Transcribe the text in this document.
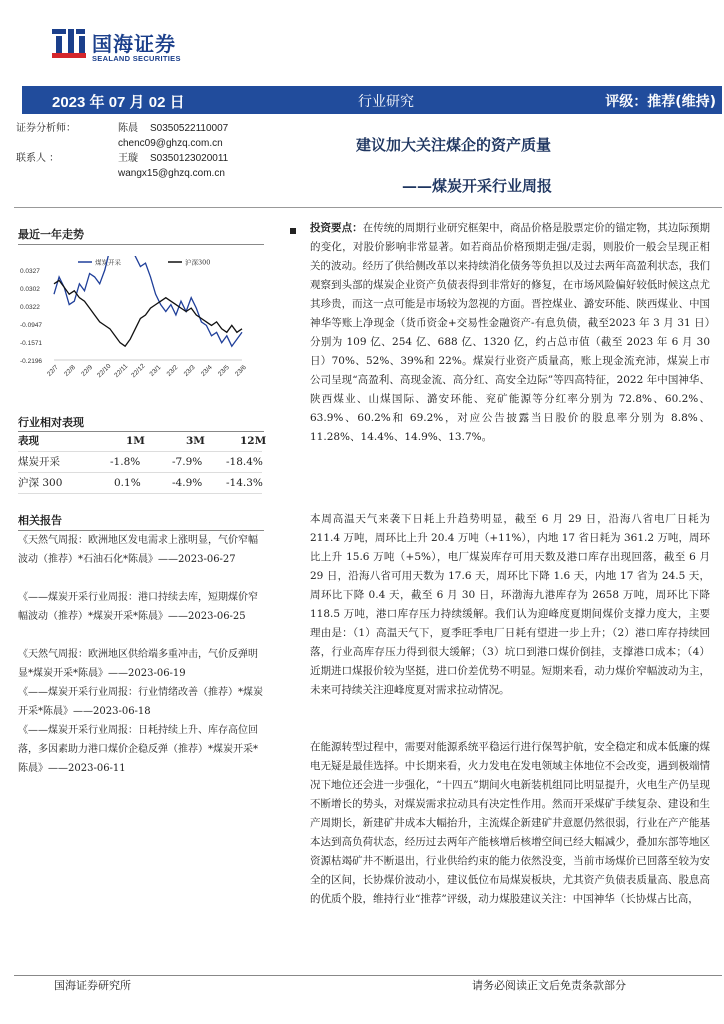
国海证券
SEALAND SECURITIES
2023 年 07 月 02 日	行业研究	评级：推荐(维持)
证券分析师：	陈晨 S0350522110007
chenc09@ghzq.com.cn
联系人 ：	王璇 S0350123020011
wangx15@ghzq.com.cn
建议加大关注煤企的资产质量
——煤炭开采行业周报
最近一年走势
煤炭开采	沪深300
0.0327
0.0302
0.0322
-0.0947
-0.1571
-0.2196
22/7 22/8 22/9 22/10 22/11 22/12 23/1 23/2 23/3 23/4 23/5 23/6
行业相对表现
表现	1M	3M	12M
煤炭开采	-1.8%	-7.9% -18.4%
沪深 300	0.1%	-4.9% -14.3%
相关报告
《天然气周报：欧洲地区发电需求上涨明显，气价窄幅波动（推荐）*石油石化*陈晨》——2023-06-27
《——煤炭开采行业周报：港口持续去库，短期煤价窄幅波动（推荐）*煤炭开采*陈晨》——2023-06-25
《天然气周报：欧洲地区供给端多重冲击，气价反弹明显*煤炭开采*陈晨》——2023-06-19
《——煤炭开采行业周报：行业情绪改善（推荐）*煤炭开采*陈晨》——2023-06-18
《——煤炭开采行业周报：日耗持续上升、库存高位回落，多因素助力港口煤价企稳反弹（推荐）*煤炭开采*陈晨》——2023-06-11
投资要点：在传统的周期行业研究框架中，商品价格是股票定价的锚定物，其边际预期的变化，对股价影响非常显著。如若商品价格预期走强/走弱，则股价一般会呈现正相关的波动。经历了供给侧改革以来持续消化债务等负担以及过去两年高盈利状态，我们观察到头部的煤炭企业资产负债表得到非常好的修复，在市场风险偏好较低时候这点尤其珍贵，而这一点可能是市场较为忽视的方面。晋控煤业、潞安环能、陕西煤业、中国神华等账上净现金（货币资金+交易性金融资产-有息负债，截至2023 年 3 月 31 日）分别为 109 亿、254 亿、688 亿、1320 亿，约占总市值（截至 2023 年 6 月 30 日）70%、52%、39%和 22%。煤炭行业资产质量高，账上现金流充沛，煤炭上市公司呈现“高盈利、高现金流、高分红、高安全边际”等四高特征，2022 年中国神华、陕西煤业、山煤国际、潞安环能、兖矿能源等分红率分别为 72.8%、60.2%、63.9%、60.2%和 69.2%，对应公告披露当日股价的股息率分别为 8.8%、11.28%、14.4%、14.9%、13.7%。
本周高温天气来袭下日耗上升趋势明显，截至 6 月 29 日，沿海八省电厂日耗为 211.4 万吨，周环比上升 20.4 万吨（+11%），内地 17 省日耗为 361.2 万吨，周环比上升 15.6 万吨（+5%），电厂煤炭库存可用天数及港口库存出现回落，截至 6 月 29 日，沿海八省可用天数为 17.6 天，周环比下降 1.6 天，内地 17 省为 24.5 天，周环比下降 0.4 天，截至 6 月 30 日，环渤海九港库存为 2658 万吨，周环比下降 118.5 万吨，港口库存压力持续缓解。我们认为迎峰度夏期间煤价支撑力度大，主要理由是：（1）高温天气下，夏季旺季电厂日耗有望进一步上升；（2）港口库存持续回落，行业高库存压力得到很大缓解；（3）坑口到港口煤价倒挂，支撑港口成本；（4）近期进口煤报价较为坚挺，进口价差优势不明显。短期来看，动力煤价窄幅波动为主，未来可持续关注迎峰度夏对需求拉动情况。
在能源转型过程中，需要对能源系统平稳运行进行保驾护航，安全稳定和成本低廉的煤电无疑是最佳选择。中长期来看，火力发电在发电领域主体地位不会改变，遇到极端情况下地位还会进一步强化，“十四五”期间火电新装机组同比明显提升，火电生产仍呈现不断增长的势头，对煤炭需求拉动具有决定性作用。然而开采煤矿手续复杂、建设和生产周期长，新建矿井成本大幅抬升，主流煤企新建矿井意愿仍然很弱，行业在产产能基本达到高负荷状态，经历过去两年产能核增后核增空间已经大幅减少，叠加东部等地区资源枯竭矿井不断退出，行业供给约束的能力依然没变，当前市场煤价已回落至较为安全的区间，长协煤价波动小，建议低位布局煤炭板块，尤其资产负债表质量高、股息高的优质个股，维持行业“推荐”评级，动力煤股建议关注：中国神华（长协煤占比高，
国海证券研究所	请务必阅读正文后免责条款部分
